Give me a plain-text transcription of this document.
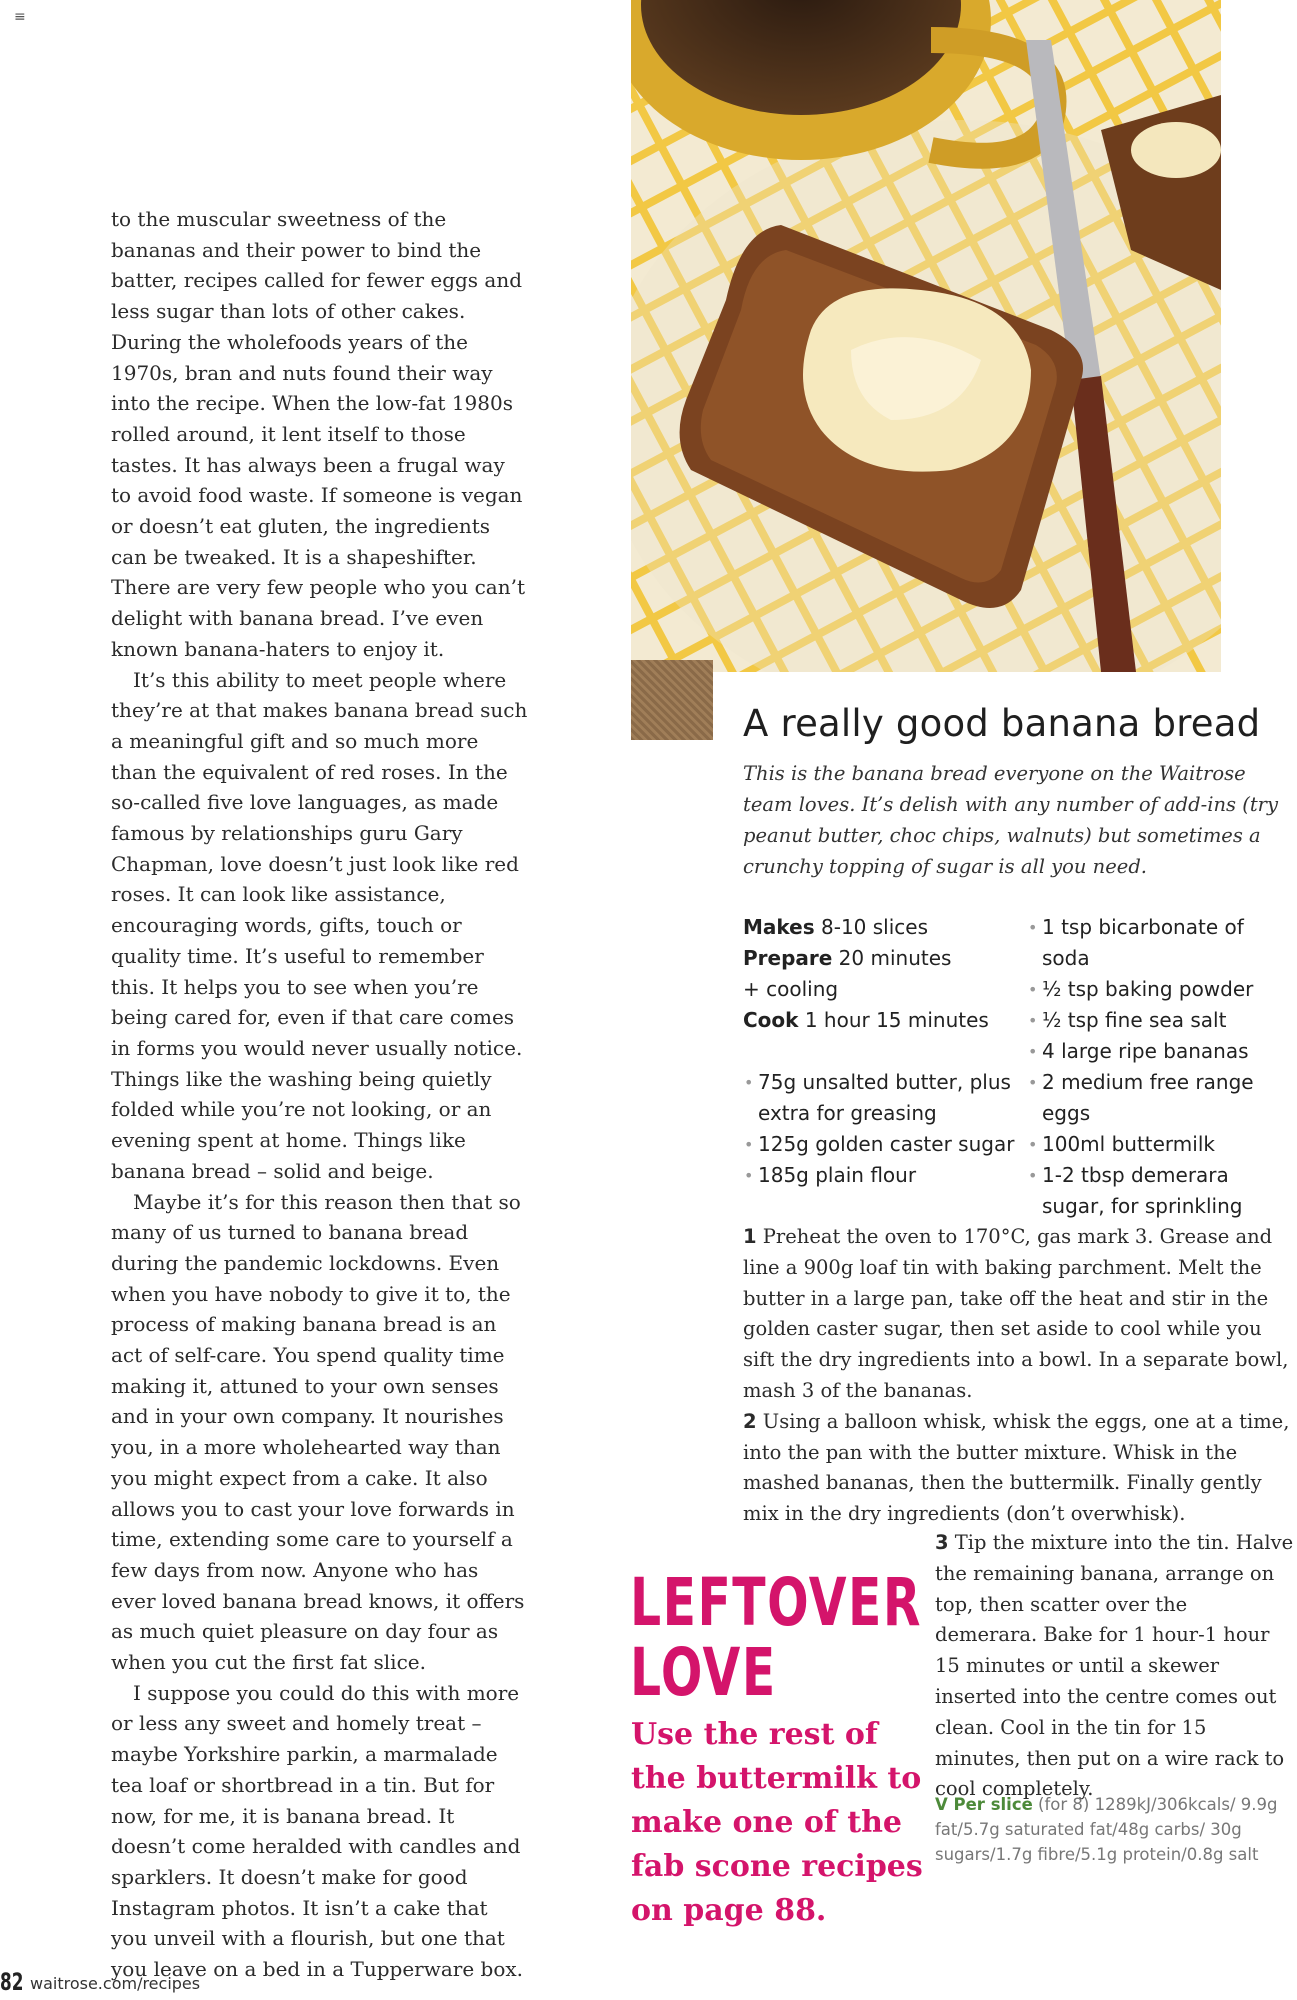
≡

to the muscular sweetness of the bananas and their power to bind the batter, recipes called for fewer eggs and less sugar than lots of other cakes. During the wholefoods years of the 1970s, bran and nuts found their way into the recipe. When the low-fat 1980s rolled around, it lent itself to those tastes. It has always been a frugal way to avoid food waste. If someone is vegan or doesn’t eat gluten, the ingredients can be tweaked. It is a shapeshifter. There are very few people who you can’t delight with banana bread. I’ve even known banana-haters to enjoy it.

It’s this ability to meet people where they’re at that makes banana bread such a meaningful gift and so much more than the equivalent of red roses. In the so-called five love languages, as made famous by relationships guru Gary Chapman, love doesn’t just look like red roses. It can look like assistance, encouraging words, gifts, touch or quality time. It’s useful to remember this. It helps you to see when you’re being cared for, even if that care comes in forms you would never usually notice. Things like the washing being quietly folded while you’re not looking, or an evening spent at home. Things like banana bread – solid and beige.

Maybe it’s for this reason then that so many of us turned to banana bread during the pandemic lockdowns. Even when you have nobody to give it to, the process of making banana bread is an act of self-care. You spend quality time making it, attuned to your own senses and in your own company. It nourishes you, in a more wholehearted way than you might expect from a cake. It also allows you to cast your love forwards in time, extending some care to yourself a few days from now. Anyone who has ever loved banana bread knows, it offers as much quiet pleasure on day four as when you cut the first fat slice.

I suppose you could do this with more or less any sweet and homely treat – maybe Yorkshire parkin, a marmalade tea loaf or shortbread in a tin. But for now, for me, it is banana bread. It doesn’t come heralded with candles and sparklers. It doesn’t make for good Instagram photos. It isn’t a cake that you unveil with a flourish, but one that you leave on a bed in a Tupperware box.

A really good banana bread
This is the banana bread everyone on the Waitrose team loves. It’s delish with any number of add-ins (try peanut butter, choc chips, walnuts) but sometimes a crunchy topping of sugar is all you need.
Makes 8-10 slices
Prepare 20 minutes
+ cooling
Cook 1 hour 15 minutes
• 75g unsalted butter, plus extra for greasing
• 125g golden caster sugar
• 185g plain flour
• 1 tsp bicarbonate of soda
• ½ tsp baking powder
• ½ tsp fine sea salt
• 4 large ripe bananas
• 2 medium free range eggs
• 100ml buttermilk
• 1-2 tbsp demerara sugar, for sprinkling

1 Preheat the oven to 170°C, gas mark 3. Grease and line a 900g loaf tin with baking parchment. Melt the butter in a large pan, take off the heat and stir in the golden caster sugar, then set aside to cool while you sift the dry ingredients into a bowl. In a separate bowl, mash 3 of the bananas.

2 Using a balloon whisk, whisk the eggs, one at a time, into the pan with the butter mixture. Whisk in the mashed bananas, then the buttermilk. Finally gently mix in the dry ingredients (don’t overwhisk).

3 Tip the mixture into the tin. Halve the remaining banana, arrange on top, then scatter over the demerara. Bake for 1 hour-1 hour 15 minutes or until a skewer inserted into the centre comes out clean. Cool in the tin for 15 minutes, then put on a wire rack to cool completely.

LEFTOVER
LOVE
Use the rest of the buttermilk to make one of the fab scone recipes on page 88.
V Per slice (for 8) 1289kJ/306kcals/ 9.9g fat/5.7g saturated fat/48g carbs/ 30g sugars/1.7g fibre/5.1g protein/0.8g salt
82 waitrose.com/recipes
